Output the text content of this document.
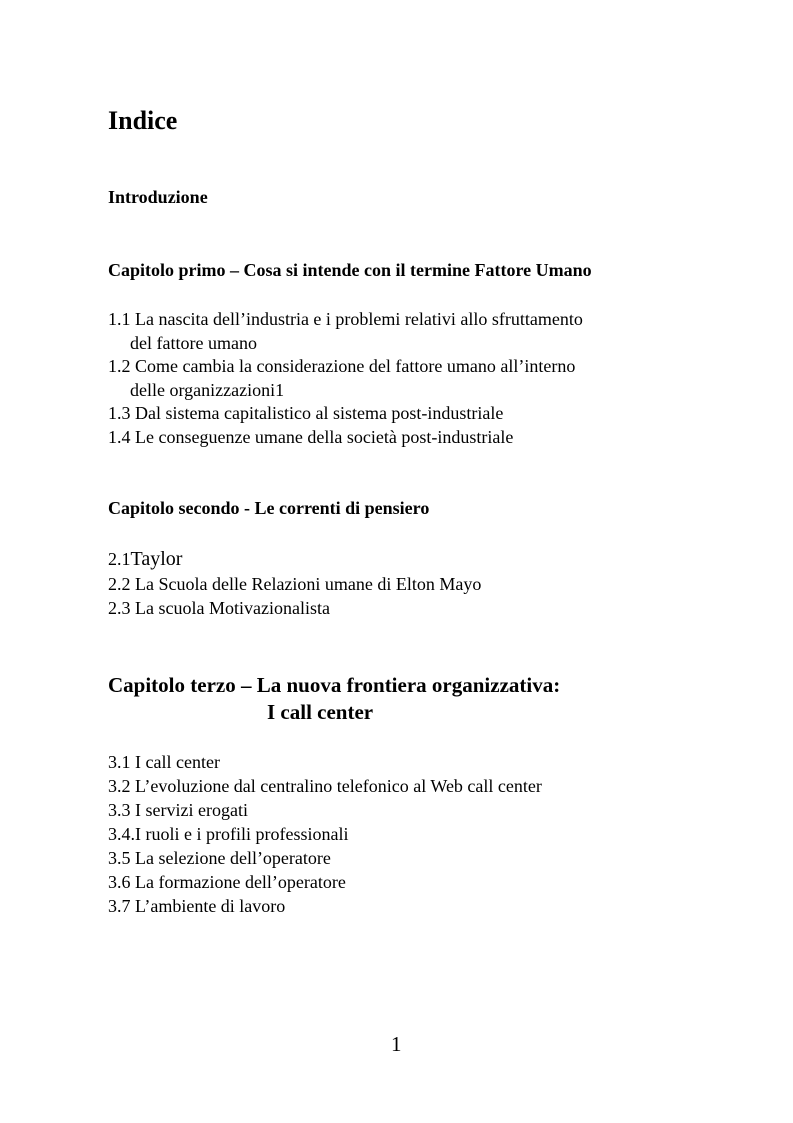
Indice
Introduzione
Capitolo primo – Cosa si intende con il termine Fattore Umano
1.1 La nascita dell’industria e i problemi relativi allo sfruttamento
del fattore umano
1.2 Come cambia la considerazione del fattore umano all’interno
delle organizzazioni1
1.3 Dal sistema capitalistico al sistema post-industriale
1.4 Le conseguenze umane della società post-industriale
Capitolo secondo - Le correnti di pensiero
2.1Taylor
2.2 La Scuola delle Relazioni umane di Elton Mayo
2.3 La scuola Motivazionalista
Capitolo terzo – La nuova frontiera organizzativa:
I call center
3.1 I call center
3.2 L’evoluzione dal centralino telefonico al Web call center
3.3 I servizi erogati
3.4.I ruoli e i profili professionali
3.5 La selezione dell’operatore
3.6 La formazione dell’operatore
3.7 L’ambiente di lavoro
1
